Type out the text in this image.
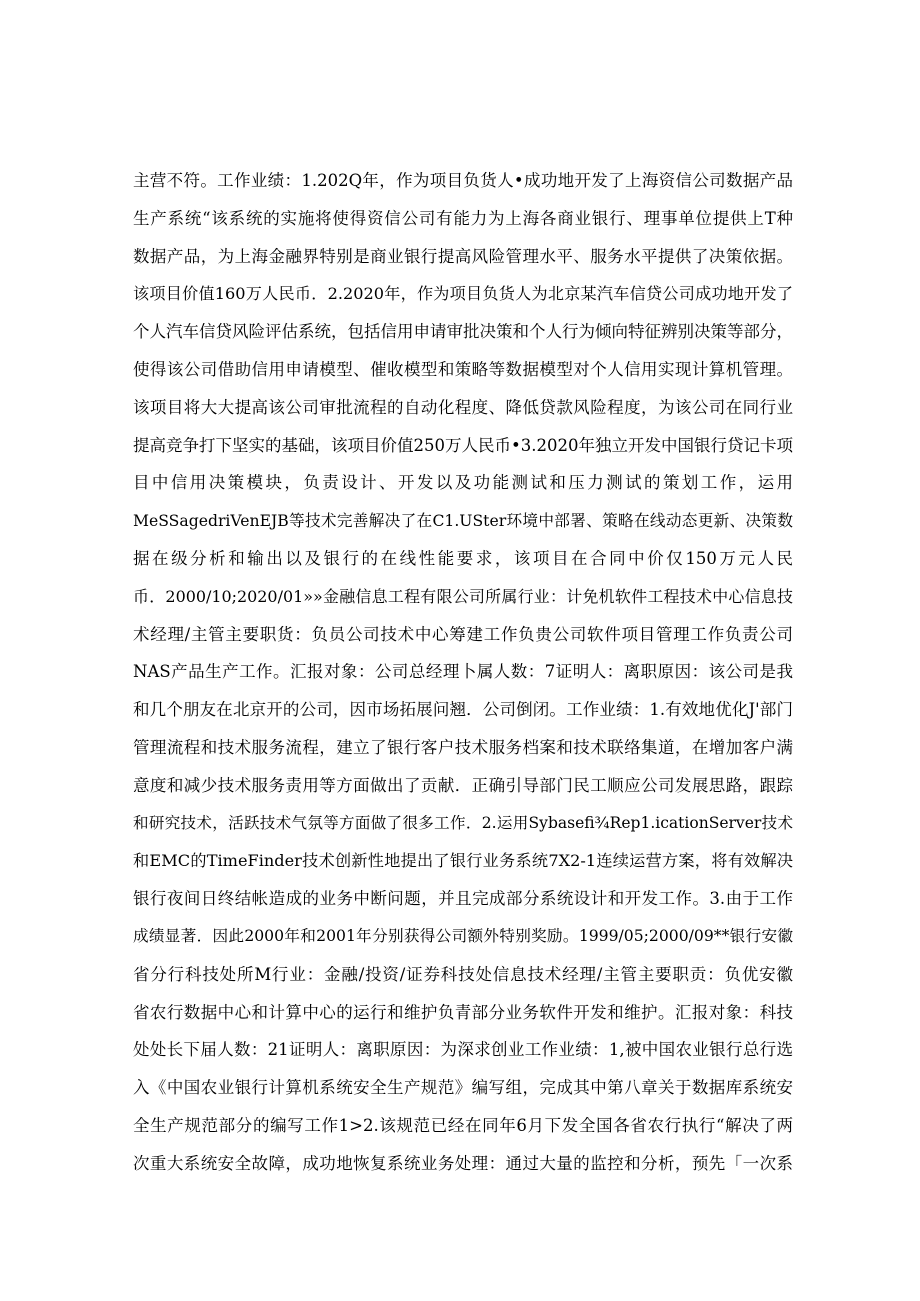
主营不符。工作业绩：1.202Q年，作为项目负货人•成功地开发了上海资信公司数据产品
生产系统“该系统的实施将使得资信公司有能力为上海各商业银行、理事单位提供上T种
数据产品，为上海金融界特别是商业银行提高风险管理水平、服务水平提供了决策依据。
该项目价值160万人民币．2.2020年，作为项目负货人为北京某汽车信贷公司成功地开发了
个人汽车信贷风险评估系统，包括信用申请审批决策和个人行为倾向特征辨别决策等部分，
使得该公司借助信用申请模型、催收模型和策略等数据模型对个人信用实现计算机管理。
该项目将大大提高该公司审批流程的自动化程度、降低贷款风险程度，为该公司在同行业
提高竞争打下坚实的基础，该项目价值250万人民币•3.2020年独立开发中国银行贷记卡项
目中信用决策模块，负责设计、开发以及功能测试和压力测试的策划工作，运用
MeSSagedriVenEJB等技术完善解决了在C1.USter环境中部署、策略在线动态更新、决策数
据在级分析和输出以及银行的在线性能要求，该项目在合同中价仅150万元人民
币．2000/10;2020/01»»金融信息工程有限公司所属行业：计免机软件工程技术中心信息技
术经理/主管主要职货：负员公司技术中心筹建工作负贵公司软件项目管理工作负责公司
NAS产品生产工作。汇报对象：公司总经理卜属人数：7证明人：离职原因：该公司是我
和几个朋友在北京开的公司，因市场拓展问翘．公司倒闭。工作业绩：1.有效地优化J'部门
管理流程和技术服务流程，建立了银行客户技术服务档案和技术联络集道，在增加客户满
意度和减少技术服务责用等方面做出了贡献．正确引导部门民工顺应公司发展思路，跟踪
和研究技术，活跃技术气氛等方面做了很多工作．2.运用Sybasefi¾Rep1.icationServer技术
和EMC的TimeFinder技术创新性地提出了银行业务系统7X2-1连续运营方案，将有效解决
银行夜间日终结帐造成的业务中断问题，并且完成部分系统设计和开发工作。3.由于工作
成绩显著．因此2000年和2001年分别获得公司额外特别奖励。1999/05;2000/09**银行安徽
省分行科技处所M行业：金融/投资/证券科技处信息技术经理/主管主要职贡：负优安徽
省农行数据中心和计算中心的运行和维护负青部分业务软件开发和维护。汇报对象：科技
处处长下届人数：21证明人：离职原因：为深求创业工作业绩：1,被中国农业银行总行选
入《中国农业银行计算机系统安全生产规范》编写组，完成其中第八章关于数据库系统安
全生产规范部分的编写工作1>2.该规范已经在同年6月下发全国各省农行执行“解决了两
次重大系统安全故障，成功地恢复系统业务处理：通过大量的监控和分析，预先「一次系
